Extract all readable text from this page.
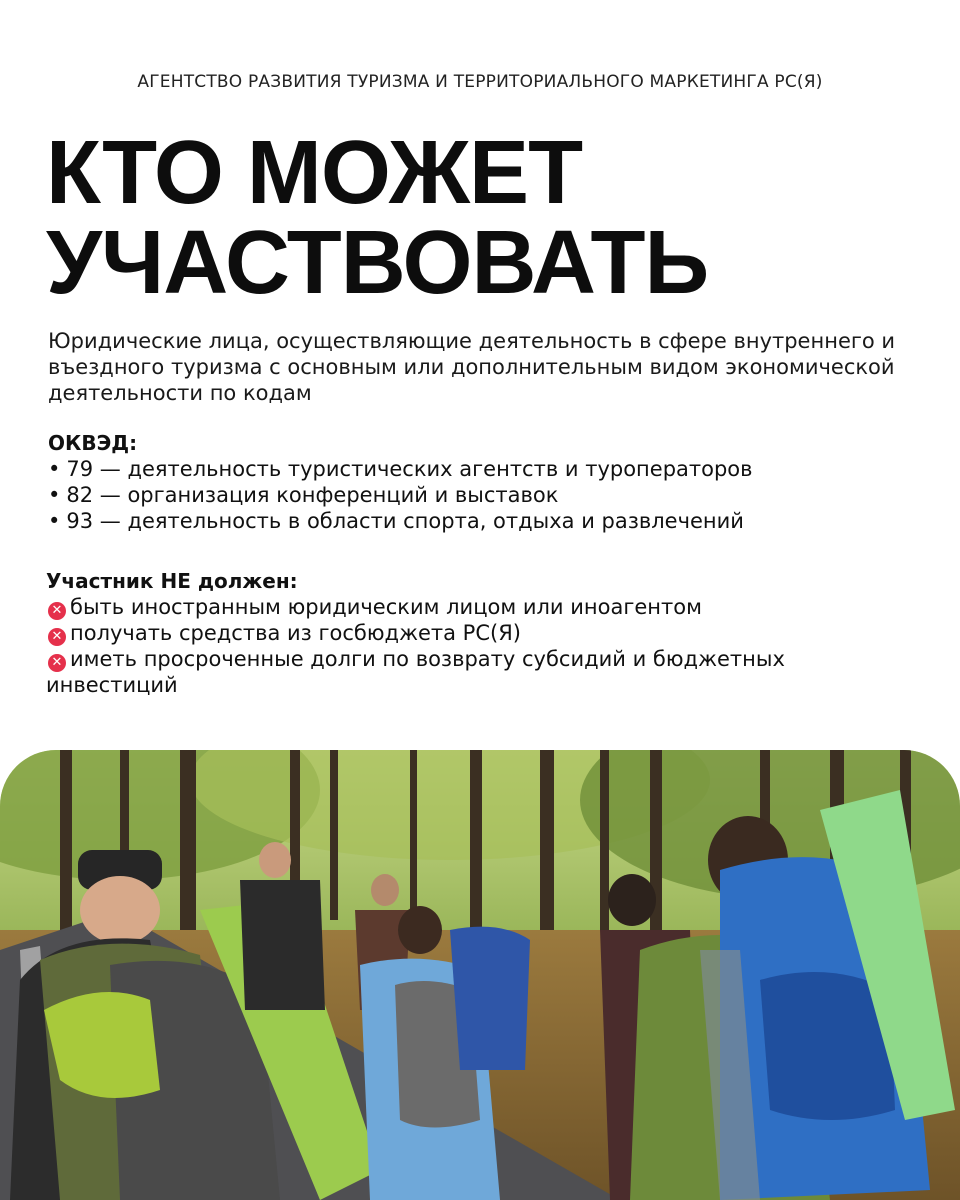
АГЕНТСТВО РАЗВИТИЯ ТУРИЗМА И ТЕРРИТОРИАЛЬНОГО МАРКЕТИНГА РС(Я)
КТО МОЖЕТ
УЧАСТВОВАТЬ
Юридические лица, осуществляющие деятельность в сфере внутреннего и въездного туризма с основным или дополнительным видом экономической деятельности по кодам
ОКВЭД:
• 79 — деятельность туристических агентств и туроператоров
• 82 — организация конференций и выставок
• 93 — деятельность в области спорта, отдыха и развлечений
Участник НЕ должен:
✕ быть иностранным юридическим лицом или иноагентом
✕ получать средства из госбюджета РС(Я)
✕ иметь просроченные долги по возврату субсидий и бюджетных инвестиций
